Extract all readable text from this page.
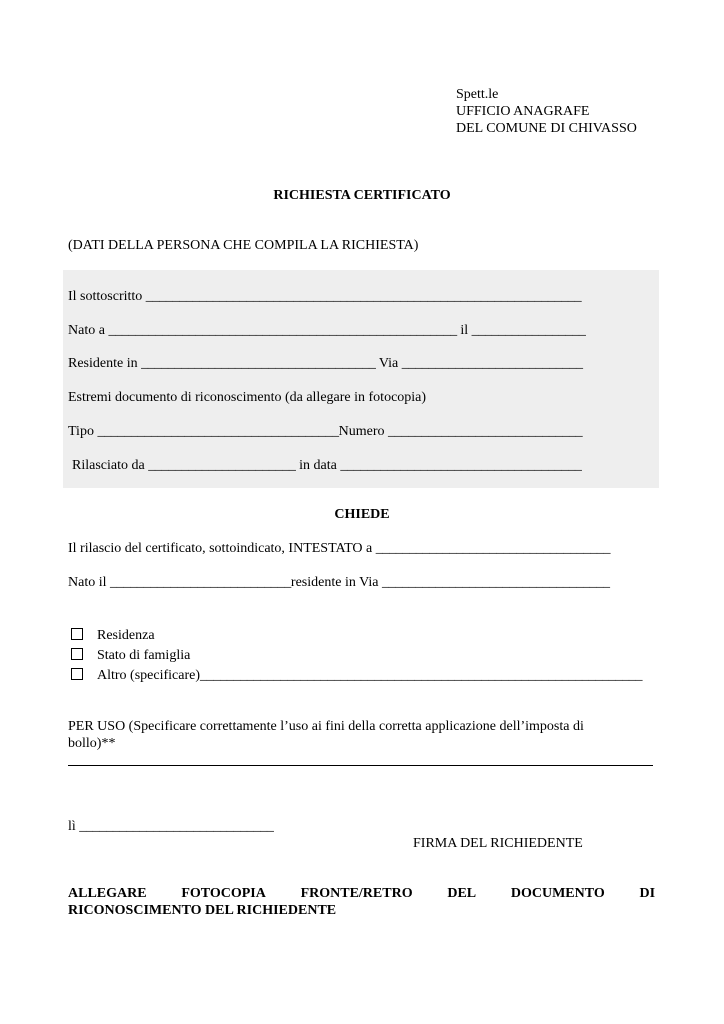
Spett.le
UFFICIO ANAGRAFE
DEL COMUNE DI CHIVASSO
RICHIESTA CERTIFICATO
(DATI DELLA PERSONA CHE COMPILA LA RICHIESTA)
Il sottoscritto _________________________________________________________________
Nato a ____________________________________________________ il _________________
Residente in ___________________________________ Via ___________________________
Estremi documento di riconoscimento (da allegare in fotocopia)
Tipo ____________________________________Numero _____________________________
Rilasciato da ______________________ in data ____________________________________
CHIEDE
Il rilascio del certificato, sottoindicato, INTESTATO a ___________________________________
Nato il ___________________________residente in Via __________________________________
Residenza
Stato di famiglia
Altro (specificare)__________________________________________________________________
PER USO (Specificare correttamente l’uso ai fini della corretta applicazione dell’imposta di
bollo)**
lì _____________________________
FIRMA DEL RICHIEDENTE
ALLEGARE FOTOCOPIA FRONTE/RETRO DEL DOCUMENTO DI
RICONOSCIMENTO DEL RICHIEDENTE
